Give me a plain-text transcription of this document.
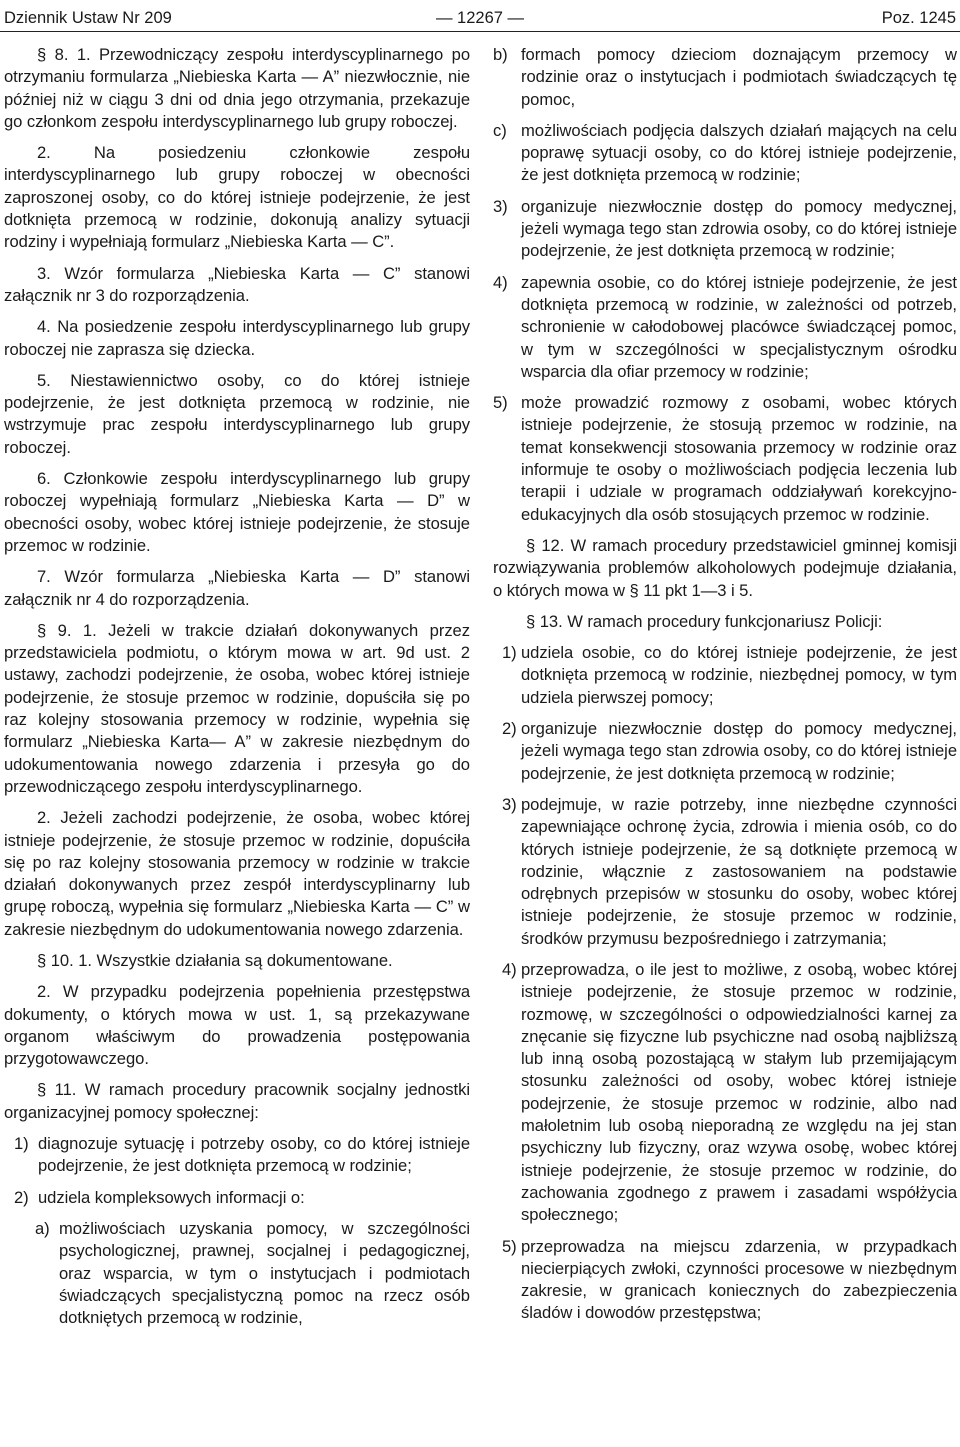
Dziennik Ustaw Nr 209	— 12267 —	Poz. 1245

§ 8. 1. Przewodniczący zespołu interdyscyplinarnego po otrzymaniu formularza „Niebieska Karta — A” niezwłocznie, nie później niż w ciągu 3 dni od dnia jego otrzymania, przekazuje go członkom zespołu interdyscyplinarnego lub grupy roboczej.

2. Na posiedzeniu członkowie zespołu interdyscyplinarnego lub grupy roboczej w obecności zaproszonej osoby, co do której istnieje podejrzenie, że jest dotknięta przemocą w rodzinie, dokonują analizy sytuacji rodziny i wypełniają formularz „Niebieska Karta — C”.

3. Wzór formularza „Niebieska Karta — C” stanowi załącznik nr 3 do rozporządzenia.

4. Na posiedzenie zespołu interdyscyplinarnego lub grupy roboczej nie zaprasza się dziecka.

5. Niestawiennictwo osoby, co do której istnieje podejrzenie, że jest dotknięta przemocą w rodzinie, nie wstrzymuje prac zespołu interdyscyplinarnego lub grupy roboczej.

6. Członkowie zespołu interdyscyplinarnego lub grupy roboczej wypełniają formularz „Niebieska Karta — D” w obecności osoby, wobec której istnieje podejrzenie, że stosuje przemoc w rodzinie.

7. Wzór formularza „Niebieska Karta — D” stanowi załącznik nr 4 do rozporządzenia.

§ 9. 1. Jeżeli w trakcie działań dokonywanych przez przedstawiciela podmiotu, o którym mowa w art. 9d ust. 2 ustawy, zachodzi podejrzenie, że osoba, wobec której istnieje podejrzenie, że stosuje przemoc w rodzinie, dopuściła się po raz kolejny stosowania przemocy w rodzinie, wypełnia się formularz „Niebieska Karta— A” w zakresie niezbędnym do udokumentowania nowego zdarzenia i przesyła go do przewodniczącego zespołu interdyscyplinarnego.

2. Jeżeli zachodzi podejrzenie, że osoba, wobec której istnieje podejrzenie, że stosuje przemoc w rodzinie, dopuściła się po raz kolejny stosowania przemocy w rodzinie w trakcie działań dokonywanych przez zespół interdyscyplinarny lub grupę roboczą, wypełnia się formularz „Niebieska Karta — C” w zakresie niezbędnym do udokumentowania nowego zdarzenia.

§ 10. 1. Wszystkie działania są dokumentowane.

2. W przypadku podejrzenia popełnienia przestępstwa dokumenty, o których mowa w ust. 1, są przekazywane organom właściwym do prowadzenia postępowania przygotowawczego.

§ 11. W ramach procedury pracownik socjalny jednostki organizacyjnej pomocy społecznej:

1) diagnozuje sytuację i potrzeby osoby, co do której istnieje podejrzenie, że jest dotknięta przemocą w rodzinie;
2) udziela kompleksowych informacji o:
a) możliwościach uzyskania pomocy, w szczególności psychologicznej, prawnej, socjalnej i pedagogicznej, oraz wsparcia, w tym o instytucjach i podmiotach świadczących specjalistyczną pomoc na rzecz osób dotkniętych przemocą w rodzinie,
b) formach pomocy dzieciom doznającym przemocy w rodzinie oraz o instytucjach i podmiotach świadczących tę pomoc,
c) możliwościach podjęcia dalszych działań mających na celu poprawę sytuacji osoby, co do której istnieje podejrzenie, że jest dotknięta przemocą w rodzinie;
3) organizuje niezwłocznie dostęp do pomocy medycznej, jeżeli wymaga tego stan zdrowia osoby, co do której istnieje podejrzenie, że jest dotknięta przemocą w rodzinie;
4) zapewnia osobie, co do której istnieje podejrzenie, że jest dotknięta przemocą w rodzinie, w zależności od potrzeb, schronienie w całodobowej placówce świadczącej pomoc, w tym w szczególności w specjalistycznym ośrodku wsparcia dla ofiar przemocy w rodzinie;
5) może prowadzić rozmowy z osobami, wobec których istnieje podejrzenie, że stosują przemoc w rodzinie, na temat konsekwencji stosowania przemocy w rodzinie oraz informuje te osoby o możliwościach podjęcia leczenia lub terapii i udziale w programach oddziaływań korekcyjno-edukacyjnych dla osób stosujących przemoc w rodzinie.

§ 12. W ramach procedury przedstawiciel gminnej komisji rozwiązywania problemów alkoholowych podejmuje działania, o których mowa w § 11 pkt 1—3 i 5.

§ 13. W ramach procedury funkcjonariusz Policji:

1) udziela osobie, co do której istnieje podejrzenie, że jest dotknięta przemocą w rodzinie, niezbędnej pomocy, w tym udziela pierwszej pomocy;
2) organizuje niezwłocznie dostęp do pomocy medycznej, jeżeli wymaga tego stan zdrowia osoby, co do której istnieje podejrzenie, że jest dotknięta przemocą w rodzinie;
3) podejmuje, w razie potrzeby, inne niezbędne czynności zapewniające ochronę życia, zdrowia i mienia osób, co do których istnieje podejrzenie, że są dotknięte przemocą w rodzinie, włącznie z zastosowaniem na podstawie odrębnych przepisów w stosunku do osoby, wobec której istnieje podejrzenie, że stosuje przemoc w rodzinie, środków przymusu bezpośredniego i zatrzymania;
4) przeprowadza, o ile jest to możliwe, z osobą, wobec której istnieje podejrzenie, że stosuje przemoc w rodzinie, rozmowę, w szczególności o odpowiedzialności karnej za znęcanie się fizyczne lub psychiczne nad osobą najbliższą lub inną osobą pozostającą w stałym lub przemijającym stosunku zależności od osoby, wobec której istnieje podejrzenie, że stosuje przemoc w rodzinie, albo nad małoletnim lub osobą nieporadną ze względu na jej stan psychiczny lub fizyczny, oraz wzywa osobę, wobec której istnieje podejrzenie, że stosuje przemoc w rodzinie, do zachowania zgodnego z prawem i zasadami współżycia społecznego;
5) przeprowadza na miejscu zdarzenia, w przypadkach niecierpiących zwłoki, czynności procesowe w niezbędnym zakresie, w granicach koniecznych do zabezpieczenia śladów i dowodów przestępstwa;
